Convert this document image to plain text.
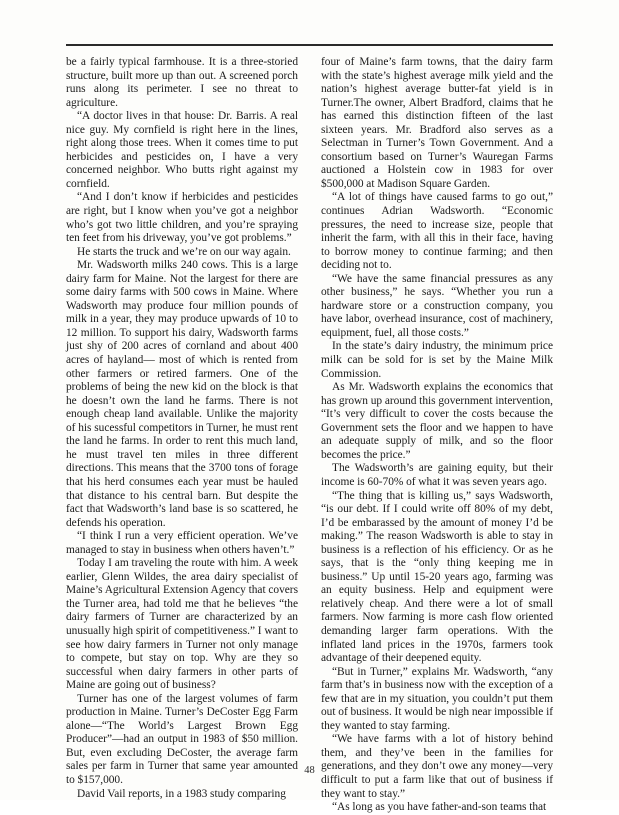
be a fairly typical farmhouse. It is a three-storied structure, built more up than out. A screened porch runs along its perimeter. I see no threat to agriculture.

“A doctor lives in that house: Dr. Barris. A real nice guy. My cornfield is right here in the lines, right along those trees. When it comes time to put herbicides and pesticides on, I have a very concerned neighbor. Who butts right against my cornfield.

“And I don’t know if herbicides and pesticides are right, but I know when you’ve got a neighbor who’s got two little children, and you’re spraying ten feet from his driveway, you’ve got problems.”

He starts the truck and we’re on our way again.

Mr. Wadsworth milks 240 cows. This is a large dairy farm for Maine. Not the largest for there are some dairy farms with 500 cows in Maine. Where Wadsworth may produce four million pounds of milk in a year, they may produce upwards of 10 to 12 million. To support his dairy, Wadsworth farms just shy of 200 acres of cornland and about 400 acres of hayland— most of which is rented from other farmers or retired farmers. One of the problems of being the new kid on the block is that he doesn’t own the land he farms. There is not enough cheap land available. Unlike the majority of his sucessful competitors in Turner, he must rent the land he farms. In order to rent this much land, he must travel ten miles in three different directions. This means that the 3700 tons of forage that his herd consumes each year must be hauled that distance to his central barn. But despite the fact that Wadsworth’s land base is so scattered, he defends his operation.

“I think I run a very efficient operation. We’ve managed to stay in business when others haven’t.”

Today I am traveling the route with him. A week earlier, Glenn Wildes, the area dairy specialist of Maine’s Agricultural Extension Agency that covers the Turner area, had told me that he believes “the dairy farmers of Turner are characterized by an unusually high spirit of competitiveness.” I want to see how dairy farmers in Turner not only manage to compete, but stay on top. Why are they so successful when dairy farmers in other parts of Maine are going out of business?

Turner has one of the largest volumes of farm production in Maine. Turner’s DeCoster Egg Farm alone—“The World’s Largest Brown Egg Producer”—had an output in 1983 of $50 million. But, even excluding DeCoster, the average farm sales per farm in Turner that same year amounted to $157,000.

David Vail reports, in a 1983 study comparing

four of Maine’s farm towns, that the dairy farm with the state’s highest average milk yield and the nation’s highest average butter-fat yield is in Turner.The owner, Albert Bradford, claims that he has earned this distinction fifteen of the last sixteen years. Mr. Bradford also serves as a Selectman in Turner’s Town Government. And a consortium based on Turner’s Wauregan Farms auctioned a Holstein cow in 1983 for over $500,000 at Madison Square Garden.

“A lot of things have caused farms to go out,” continues Adrian Wadsworth. “Economic pressures, the need to increase size, people that inherit the farm, with all this in their face, having to borrow money to continue farming; and then deciding not to.

“We have the same financial pressures as any other business,” he says. “Whether you run a hardware store or a construction company, you have labor, overhead insurance, cost of machinery, equipment, fuel, all those costs.”

In the state’s dairy industry, the minimum price milk can be sold for is set by the Maine Milk Commission.

As Mr. Wadsworth explains the economics that has grown up around this government intervention, “It’s very difficult to cover the costs because the Government sets the floor and we happen to have an adequate supply of milk, and so the floor becomes the price.”

The Wadsworth’s are gaining equity, but their income is 60-70% of what it was seven years ago.

“The thing that is killing us,” says Wadsworth, “is our debt. If I could write off 80% of my debt, I’d be embarassed by the amount of money I’d be making.” The reason Wadsworth is able to stay in business is a reflection of his efficiency. Or as he says, that is the “only thing keeping me in business.” Up until 15-20 years ago, farming was an equity business. Help and equipment were relatively cheap. And there were a lot of small farmers. Now farming is more cash flow oriented demanding larger farm operations. With the inflated land prices in the 1970s, farmers took advantage of their deepened equity.

“But in Turner,” explains Mr. Wadsworth, “any farm that’s in business now with the exception of a few that are in my situation, you couldn’t put them out of business. It would be nigh near impossible if they wanted to stay farming.

“We have farms with a lot of history behind them, and they’ve been in the families for generations, and they don’t owe any money—very difficult to put a farm like that out of business if they want to stay.”

“As long as you have father-and-son teams that

48
